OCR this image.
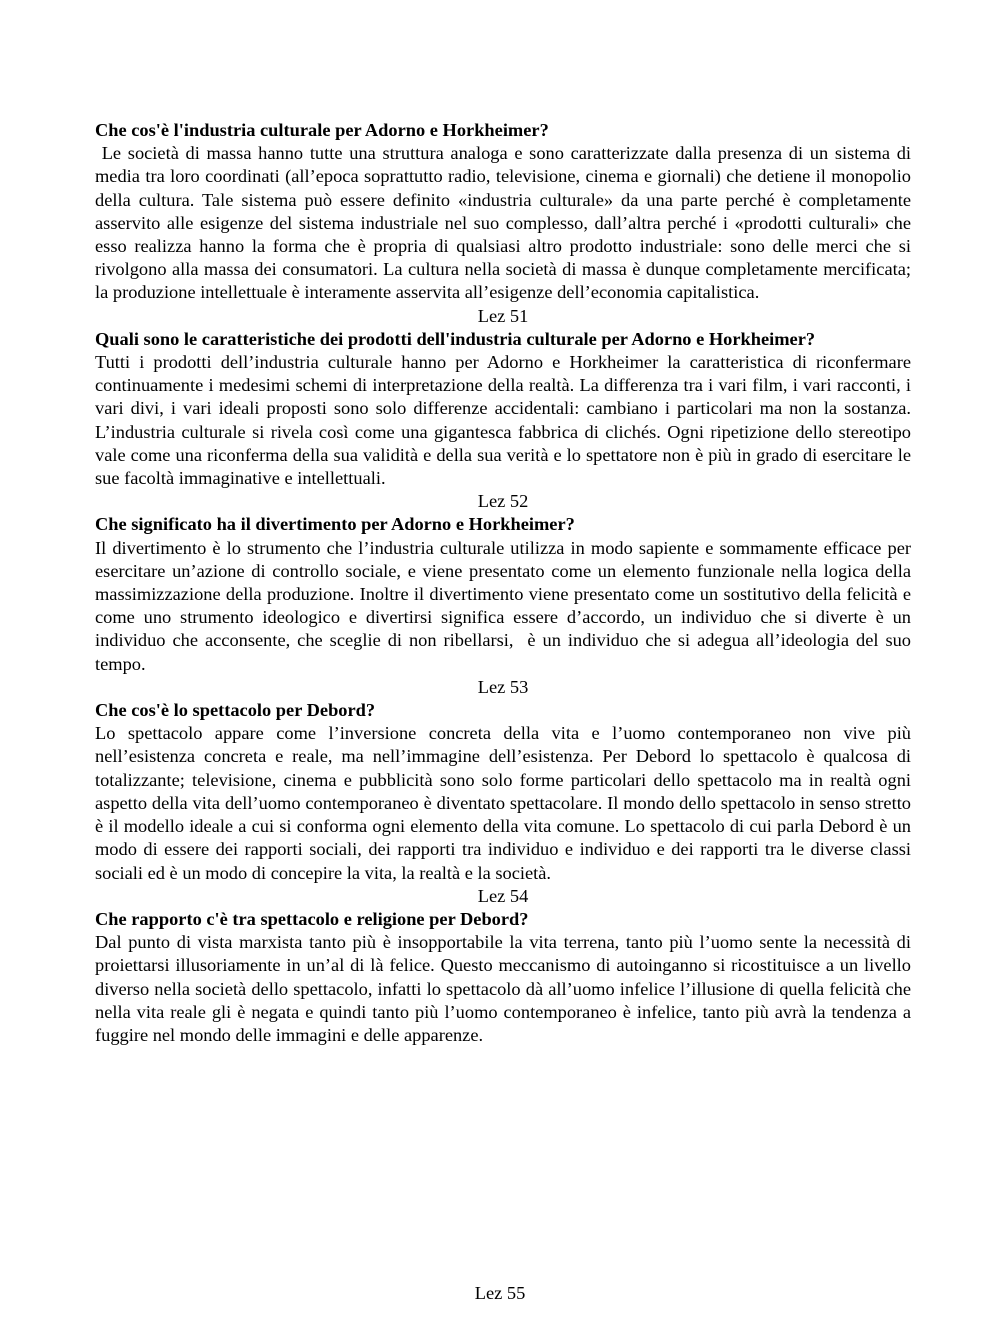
Che cos'è l'industria culturale per Adorno e Horkheimer?

Le società di massa hanno tutte una struttura analoga e sono caratterizzate dalla presenza di un sistema di media tra loro coordinati (all’epoca soprattutto radio, televisione, cinema e giornali) che detiene il monopolio della cultura. Tale sistema può essere definito «industria culturale» da una parte perché è completamente asservito alle esigenze del sistema industriale nel suo complesso, dall’altra perché i «prodotti culturali» che esso realizza hanno la forma che è propria di qualsiasi altro prodotto industriale: sono delle merci che si rivolgono alla massa dei consumatori. La cultura nella società di massa è dunque completamente mercificata; la produzione intellettuale è interamente asservita all’esigenze dell’economia capitalistica.

Lez 51

Quali sono le caratteristiche dei prodotti dell'industria culturale per Adorno e Horkheimer?

Tutti i prodotti dell’industria culturale hanno per Adorno e Horkheimer la caratteristica di riconfermare continuamente i medesimi schemi di interpretazione della realtà. La differenza tra i vari film, i vari racconti, i vari divi, i vari ideali proposti sono solo differenze accidentali: cambiano i particolari ma non la sostanza. L’industria culturale si rivela così come una gigantesca fabbrica di clichés. Ogni ripetizione dello stereotipo vale come una riconferma della sua validità e della sua verità e lo spettatore non è più in grado di esercitare le sue facoltà immaginative e intellettuali.

Lez 52

Che significato ha il divertimento per Adorno e Horkheimer?

Il divertimento è lo strumento che l’industria culturale utilizza in modo sapiente e sommamente efficace per esercitare un’azione di controllo sociale, e viene presentato come un elemento funzionale nella logica della massimizzazione della produzione. Inoltre il divertimento viene presentato come un sostitutivo della felicità e come uno strumento ideologico e divertirsi significa essere d’accordo, un individuo che si diverte è un individuo che acconsente, che sceglie di non ribellarsi,  è un individuo che si adegua all’ideologia del suo tempo.

Lez 53

Che cos'è lo spettacolo per Debord?

Lo spettacolo appare come l’inversione concreta della vita e l’uomo contemporaneo non vive più nell’esistenza concreta e reale, ma nell’immagine dell’esistenza. Per Debord lo spettacolo è qualcosa di totalizzante; televisione, cinema e pubblicità sono solo forme particolari dello spettacolo ma in realtà ogni aspetto della vita dell’uomo contemporaneo è diventato spettacolare. Il mondo dello spettacolo in senso stretto è il modello ideale a cui si conforma ogni elemento della vita comune. Lo spettacolo di cui parla Debord è un modo di essere dei rapporti sociali, dei rapporti tra individuo e individuo e dei rapporti tra le diverse classi sociali ed è un modo di concepire la vita, la realtà e la società.

Lez 54

Che rapporto c'è tra spettacolo e religione per Debord?

Dal punto di vista marxista tanto più è insopportabile la vita terrena, tanto più l’uomo sente la necessità di proiettarsi illusoriamente in un’al di là felice. Questo meccanismo di autoinganno si ricostituisce a un livello diverso nella società dello spettacolo, infatti lo spettacolo dà all’uomo infelice l’illusione di quella felicità che nella vita reale gli è negata e quindi tanto più l’uomo contemporaneo è infelice, tanto più avrà la tendenza a fuggire nel mondo delle immagini e delle apparenze.

Lez 55
